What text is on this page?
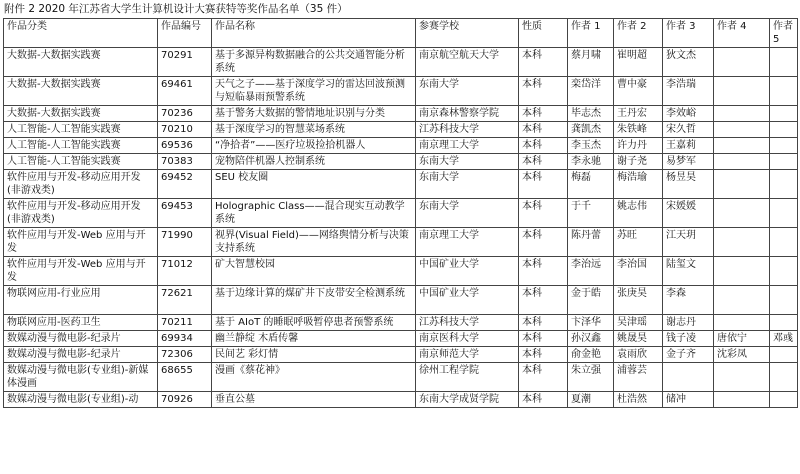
附件 2 2020 年江苏省大学生计算机设计大赛获特等奖作品名单（35 件）
作品分类	作品编号	作品名称	参赛学校	性质	作者 1	作者 2	作者 3	作者 4	作者 5
大数据-大数据实践赛	70291	基于多源异构数据融合的公共交通智能分析系统	南京航空航天大学	本科	蔡月啸	崔明超	狄文杰		
大数据-大数据实践赛	69461	天气之子——基于深度学习的雷达回波预测与短临暴雨预警系统	东南大学	本科	栾岱洋	曹中豪	李浩瑞		
大数据-大数据实践赛	70236	基于警务大数据的警情地址识别与分类	南京森林警察学院	本科	毕志杰	王丹宏	李效峪		
人工智能-人工智能实践赛	70210	基于深度学习的智慧菜场系统	江苏科技大学	本科	龚凯杰	朱铁峰	宋久哲		
人工智能-人工智能实践赛	69536	“净拾者”——医疗垃圾捡拾机器人	南京理工大学	本科	李玉杰	许力丹	王嘉莉		
人工智能-人工智能实践赛	70383	宠物陪伴机器人控制系统	东南大学	本科	李永驰	谢子尧	易梦军		
软件应用与开发-移动应用开发(非游戏类)	69452	SEU 校友圈	东南大学	本科	梅磊	梅浩瑜	杨昱昊		
软件应用与开发-移动应用开发(非游戏类)	69453	Holographic Class——混合现实互动教学系统	东南大学	本科	于千	姚志伟	宋媛媛		
软件应用与开发-Web 应用与开发	71990	视界(Visual Field)——网络舆情分析与决策支持系统	南京理工大学	本科	陈丹蕾	苏旺	江天玥		
软件应用与开发-Web 应用与开发	71012	矿大智慧校园	中国矿业大学	本科	李治远	李治国	陆玺文		
物联网应用-行业应用	72621	基于边缘计算的煤矿井下皮带安全检测系统	中国矿业大学	本科	金于皓	张庚昊	李森		
物联网应用-医药卫生	70211	基于 AIoT 的睡眠呼吸暂停患者预警系统	江苏科技大学	本科	卞泽华	吴津瑶	谢志丹		
数媒动漫与微电影-纪录片	69934	幽兰静绽 木盾传馨	南京医科大学	本科	孙汉鑫	姚晟昊	钱子凌	唐依宁	邓彧
数媒动漫与微电影-纪录片	72306	民间艺 彩灯情	南京师范大学	本科	俞金艳	袁雨欣	金子齐	沈彩凤	
数媒动漫与微电影(专业组)-新媒体漫画	68655	漫画《蔡花神》	徐州工程学院	本科	朱立强	浦蓉芸			
数媒动漫与微电影(专业组)-动	70926	垂直公墓	东南大学成贤学院	本科	夏潮	杜浩然	储冲		
